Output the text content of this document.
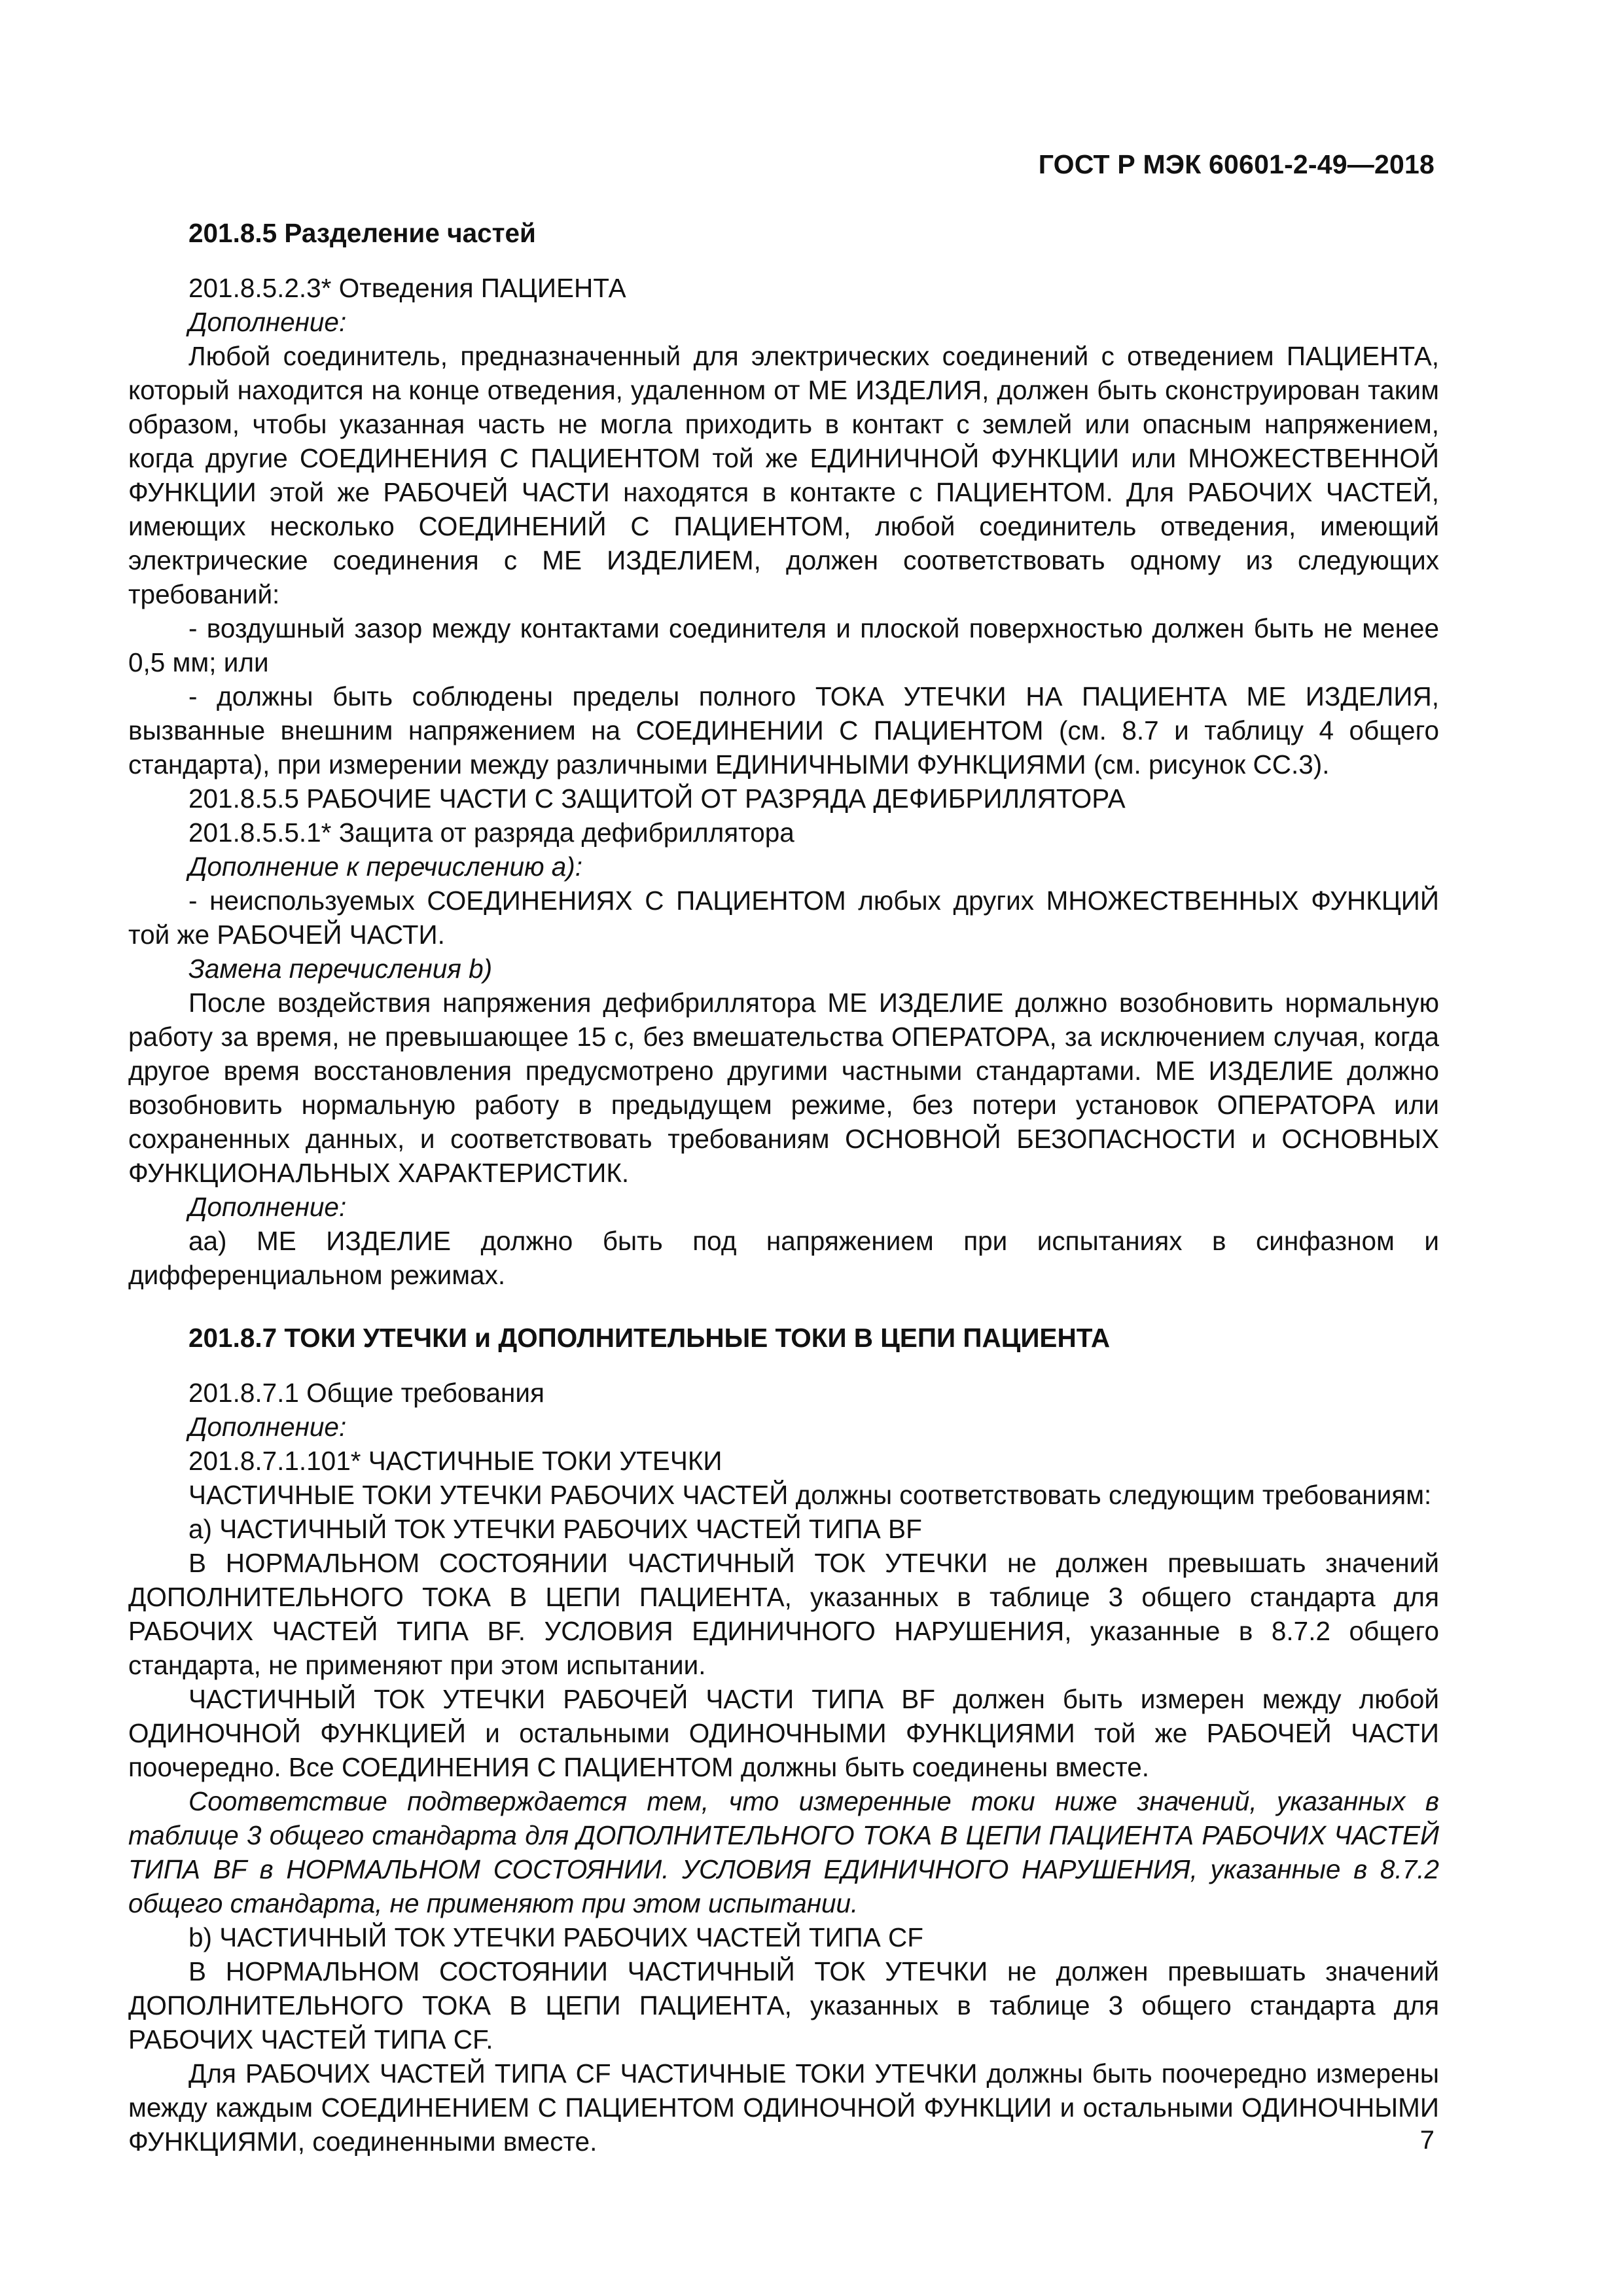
ГОСТ Р МЭК 60601-2-49—2018
201.8.5 Разделение частей

201.8.5.2.3* Отведения ПАЦИЕНТА

Дополнение:

Любой соединитель, предназначенный для электрических соединений с отведением ПАЦИЕНТА, который находится на конце отведения, удаленном от МЕ ИЗДЕЛИЯ, должен быть сконструирован таким образом, чтобы указанная часть не могла приходить в контакт с землей или опасным напряжением, когда другие СОЕДИНЕНИЯ С ПАЦИЕНТОМ той же ЕДИНИЧНОЙ ФУНКЦИИ или МНОЖЕСТВЕННОЙ ФУНКЦИИ этой же РАБОЧЕЙ ЧАСТИ находятся в контакте с ПАЦИЕНТОМ. Для РАБОЧИХ ЧАСТЕЙ, имеющих несколько СОЕДИНЕНИЙ С ПАЦИЕНТОМ, любой соединитель отведения, имеющий электрические соединения с МЕ ИЗДЕЛИЕМ, должен соответствовать одному из следующих требований:

- воздушный зазор между контактами соединителя и плоской поверхностью должен быть не менее 0,5 мм; или

- должны быть соблюдены пределы полного ТОКА УТЕЧКИ НА ПАЦИЕНТА МЕ ИЗДЕЛИЯ, вызванные внешним напряжением на СОЕДИНЕНИИ С ПАЦИЕНТОМ (см. 8.7 и таблицу 4 общего стандарта), при измерении между различными ЕДИНИЧНЫМИ ФУНКЦИЯМИ (см. рисунок СС.3).

201.8.5.5 РАБОЧИЕ ЧАСТИ С ЗАЩИТОЙ ОТ РАЗРЯДА ДЕФИБРИЛЛЯТОРА

201.8.5.5.1* Защита от разряда дефибриллятора

Дополнение к перечислению а):

- неиспользуемых СОЕДИНЕНИЯХ С ПАЦИЕНТОМ любых других МНОЖЕСТВЕННЫХ ФУНКЦИЙ той же РАБОЧЕЙ ЧАСТИ.

Замена перечисления b)

После воздействия напряжения дефибриллятора МЕ ИЗДЕЛИЕ должно возобновить нормальную работу за время, не превышающее 15 с, без вмешательства ОПЕРАТОРА, за исключением случая, когда другое время восстановления предусмотрено другими частными стандартами. МЕ ИЗДЕЛИЕ должно возобновить нормальную работу в предыдущем режиме, без потери установок ОПЕРАТОРА или сохраненных данных, и соответствовать требованиям ОСНОВНОЙ БЕЗОПАСНОСТИ и ОСНОВНЫХ ФУНКЦИОНАЛЬНЫХ ХАРАКТЕРИСТИК.

Дополнение:

аа) МЕ ИЗДЕЛИЕ должно быть под напряжением при испытаниях в синфазном и дифференциальном режимах.

201.8.7 ТОКИ УТЕЧКИ и ДОПОЛНИТЕЛЬНЫЕ ТОКИ В ЦЕПИ ПАЦИЕНТА

201.8.7.1 Общие требования

Дополнение:

201.8.7.1.101* ЧАСТИЧНЫЕ ТОКИ УТЕЧКИ

ЧАСТИЧНЫЕ ТОКИ УТЕЧКИ РАБОЧИХ ЧАСТЕЙ должны соответствовать следующим требованиям:

а) ЧАСТИЧНЫЙ ТОК УТЕЧКИ РАБОЧИХ ЧАСТЕЙ ТИПА BF

В НОРМАЛЬНОМ СОСТОЯНИИ ЧАСТИЧНЫЙ ТОК УТЕЧКИ не должен превышать значений ДОПОЛНИТЕЛЬНОГО ТОКА В ЦЕПИ ПАЦИЕНТА, указанных в таблице 3 общего стандарта для РАБОЧИХ ЧАСТЕЙ ТИПА BF. УСЛОВИЯ ЕДИНИЧНОГО НАРУШЕНИЯ, указанные в 8.7.2 общего стандарта, не применяют при этом испытании.

ЧАСТИЧНЫЙ ТОК УТЕЧКИ РАБОЧЕЙ ЧАСТИ ТИПА BF должен быть измерен между любой ОДИНОЧНОЙ ФУНКЦИЕЙ и остальными ОДИНОЧНЫМИ ФУНКЦИЯМИ той же РАБОЧЕЙ ЧАСТИ поочередно. Все СОЕДИНЕНИЯ С ПАЦИЕНТОМ должны быть соединены вместе.

Соответствие подтверждается тем, что измеренные токи ниже значений, указанных в таблице 3 общего стандарта для ДОПОЛНИТЕЛЬНОГО ТОКА В ЦЕПИ ПАЦИЕНТА РАБОЧИХ ЧАСТЕЙ ТИПА BF в НОРМАЛЬНОМ СОСТОЯНИИ. УСЛОВИЯ ЕДИНИЧНОГО НАРУШЕНИЯ, указанные в 8.7.2 общего стандарта, не применяют при этом испытании.

b) ЧАСТИЧНЫЙ ТОК УТЕЧКИ РАБОЧИХ ЧАСТЕЙ ТИПА CF

В НОРМАЛЬНОМ СОСТОЯНИИ ЧАСТИЧНЫЙ ТОК УТЕЧКИ не должен превышать значений ДОПОЛНИТЕЛЬНОГО ТОКА В ЦЕПИ ПАЦИЕНТА, указанных в таблице 3 общего стандарта для РАБОЧИХ ЧАСТЕЙ ТИПА CF.

Для РАБОЧИХ ЧАСТЕЙ ТИПА CF ЧАСТИЧНЫЕ ТОКИ УТЕЧКИ должны быть поочередно измерены между каждым СОЕДИНЕНИЕМ С ПАЦИЕНТОМ ОДИНОЧНОЙ ФУНКЦИИ и остальными ОДИНОЧНЫМИ ФУНКЦИЯМИ, соединенными вместе.	7
